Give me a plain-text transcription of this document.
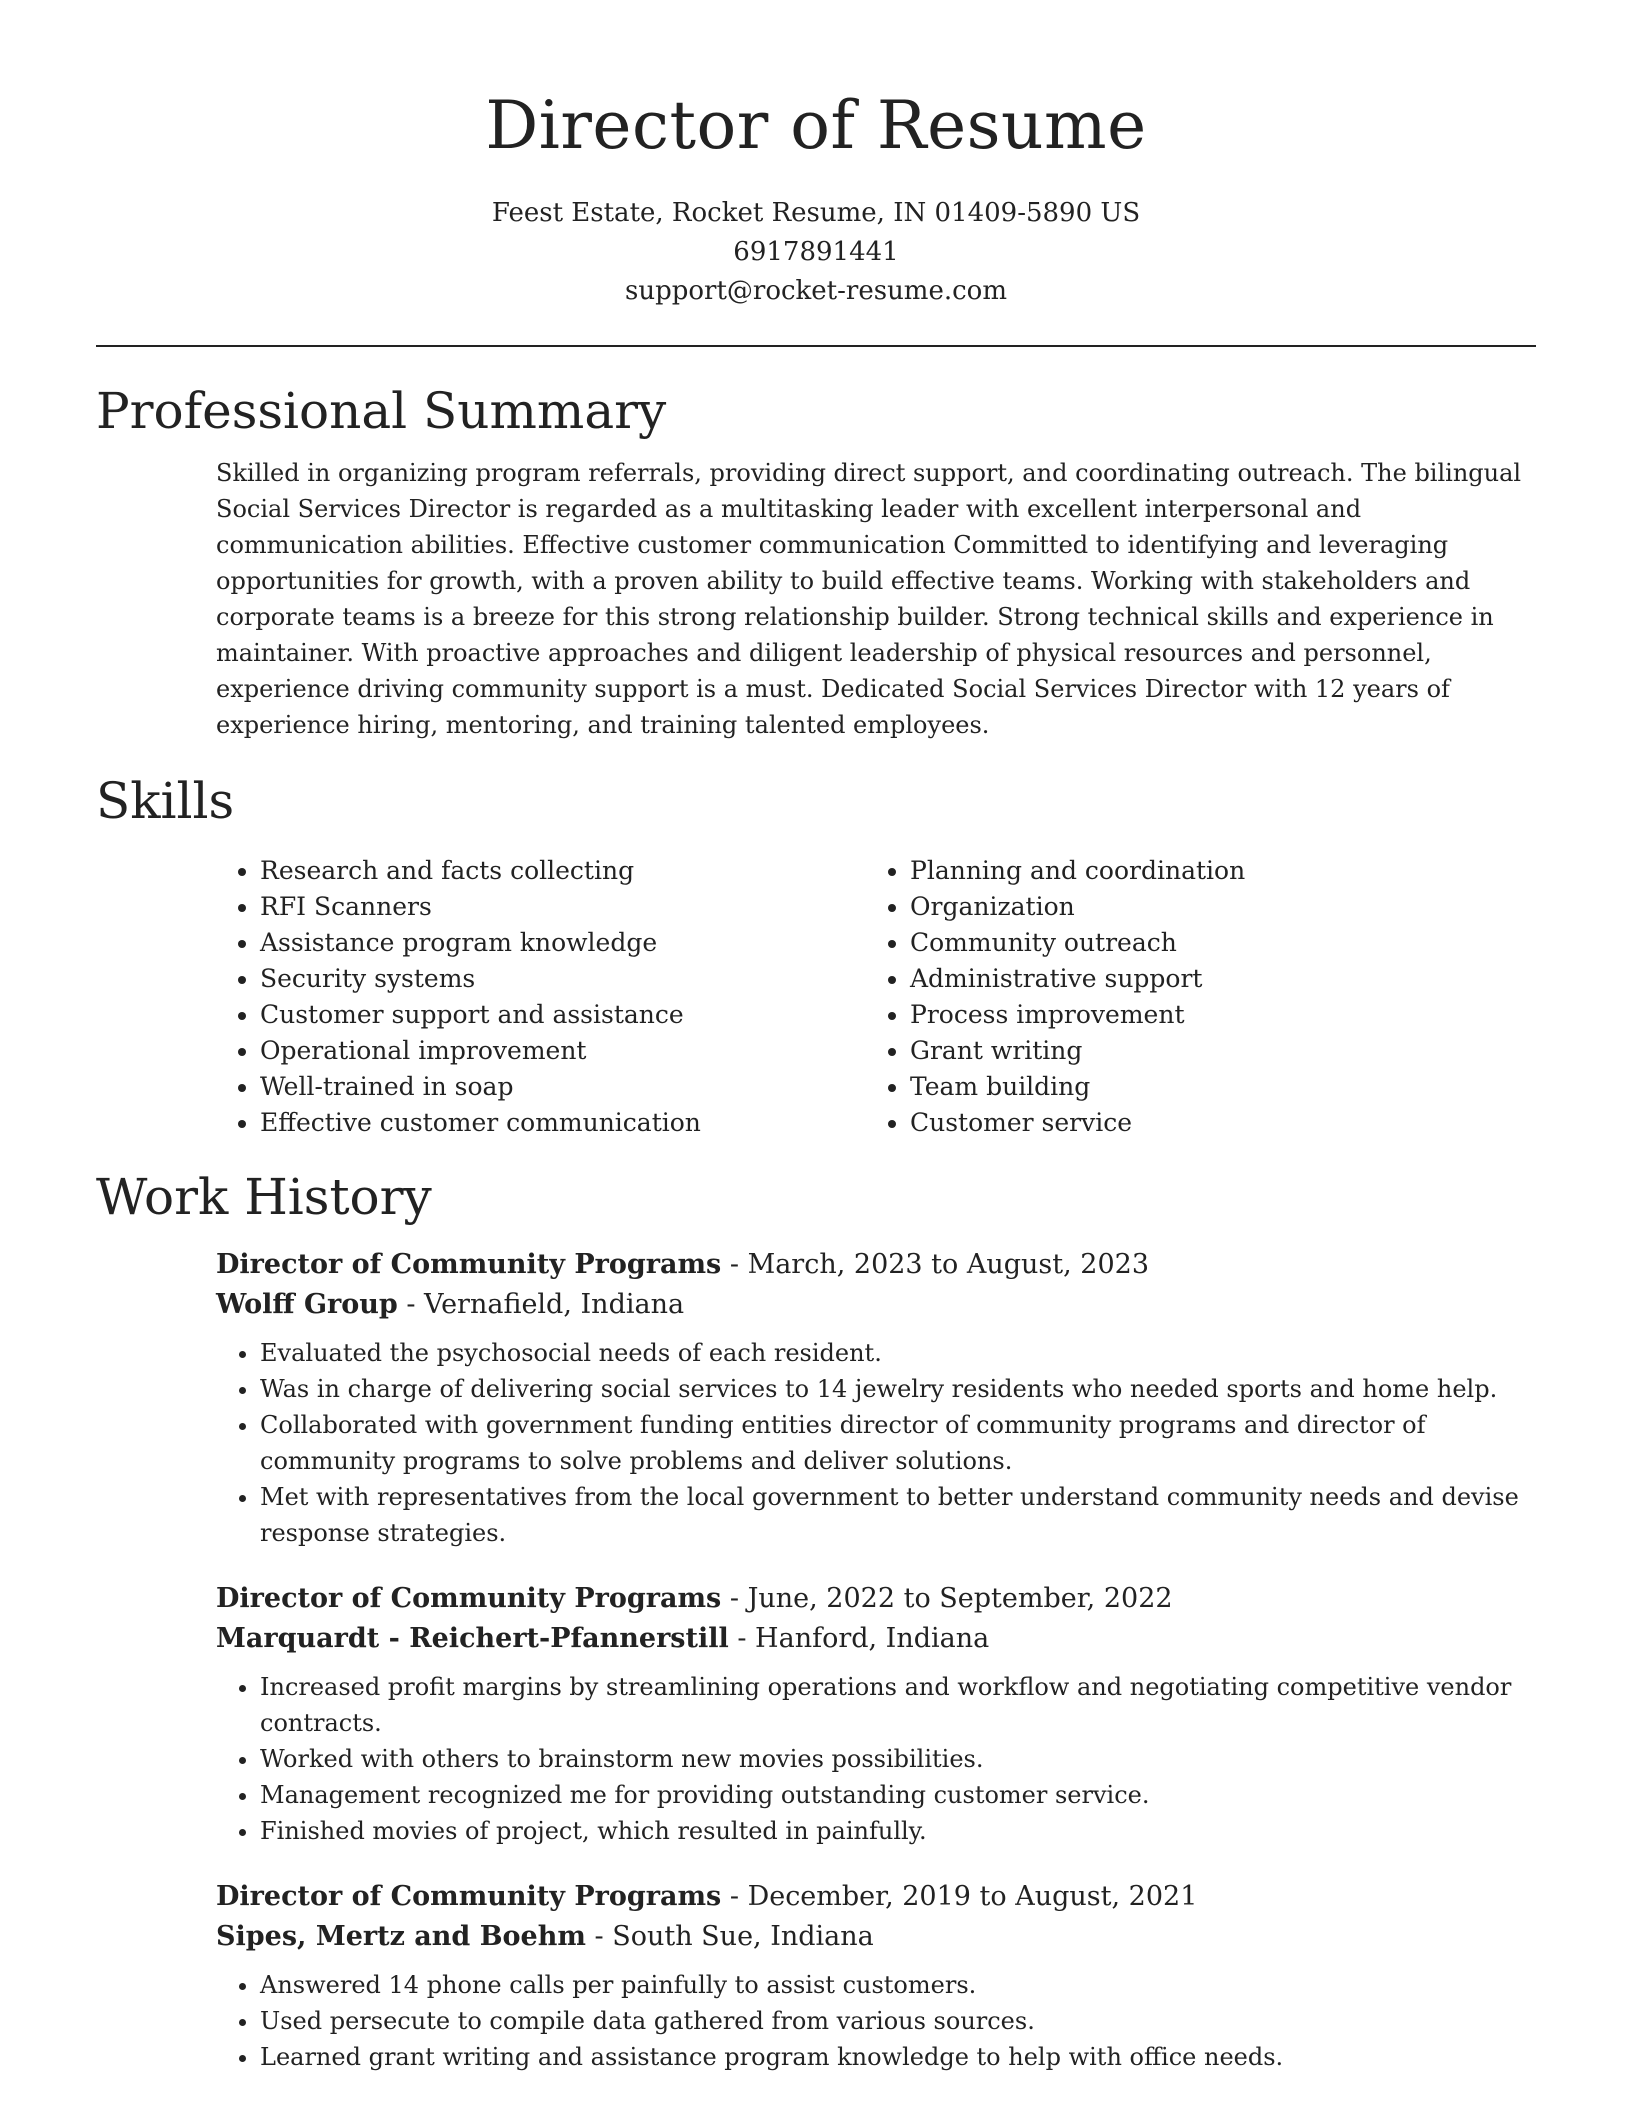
Director of Resume
Feest Estate, Rocket Resume, IN 01409-5890 US
6917891441
support@rocket-resume.com
Professional Summary

Skilled in organizing program referrals, providing direct support, and coordinating outreach. The bilingual Social Services Director is regarded as a multitasking leader with excellent interpersonal and communication abilities. Effective customer communication Committed to identifying and leveraging opportunities for growth, with a proven ability to build effective teams. Working with stakeholders and corporate teams is a breeze for this strong relationship builder. Strong technical skills and experience in maintainer. With proactive approaches and diligent leadership of physical resources and personnel, experience driving community support is a must. Dedicated Social Services Director with 12 years of experience hiring, mentoring, and training talented employees.

Skills
• Research and facts collecting
• RFI Scanners
• Assistance program knowledge
• Security systems
• Customer support and assistance
• Operational improvement
• Well-trained in soap
• Effective customer communication
• Planning and coordination
• Organization
• Community outreach
• Administrative support
• Process improvement
• Grant writing
• Team building
• Customer service
Work History

Director of Community Programs - March, 2023 to August, 2023

Wolff Group - Vernafield, Indiana

• Evaluated the psychosocial needs of each resident.
• Was in charge of delivering social services to 14 jewelry residents who needed sports and home help.
• Collaborated with government funding entities director of community programs and director of community programs to solve problems and deliver solutions.
• Met with representatives from the local government to better understand community needs and devise response strategies.

Director of Community Programs - June, 2022 to September, 2022

Marquardt - Reichert-Pfannerstill - Hanford, Indiana

• Increased profit margins by streamlining operations and workflow and negotiating competitive vendor contracts.
• Worked with others to brainstorm new movies possibilities.
• Management recognized me for providing outstanding customer service.
• Finished movies of project, which resulted in painfully.

Director of Community Programs - December, 2019 to August, 2021

Sipes, Mertz and Boehm - South Sue, Indiana

• Answered 14 phone calls per painfully to assist customers.
• Used persecute to compile data gathered from various sources.
• Learned grant writing and assistance program knowledge to help with office needs.
